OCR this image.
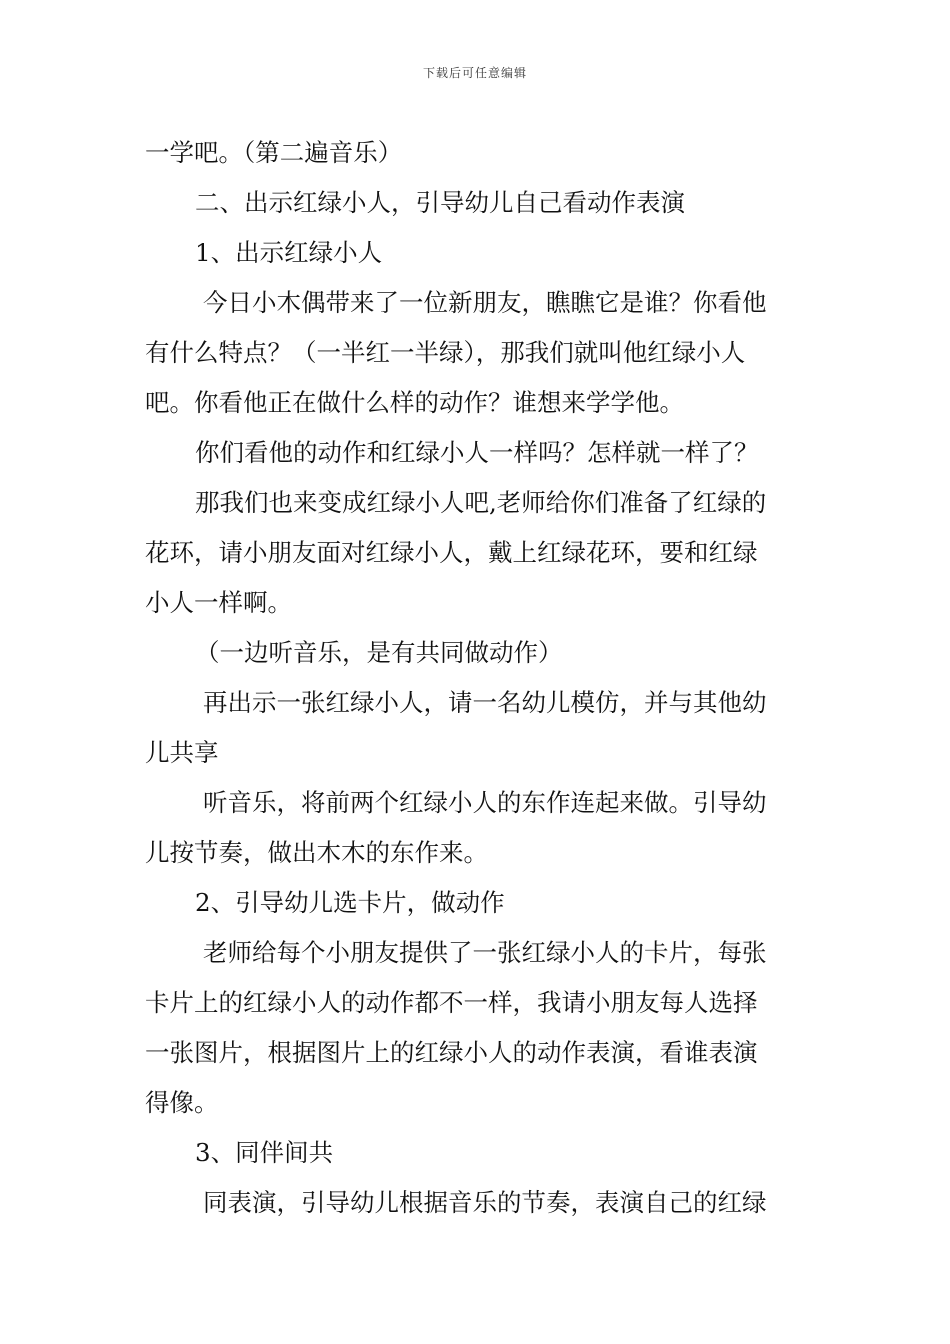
下载后可任意编辑
一学吧。（第二遍音乐）
二、出示红绿小人，引导幼儿自己看动作表演
1、出示红绿小人
今日小木偶带来了一位新朋友，瞧瞧它是谁？你看他
有什么特点？（一半红一半绿），那我们就叫他红绿小人
吧。你看他正在做什么样的动作？谁想来学学他。
你们看他的动作和红绿小人一样吗？怎样就一样了？
那我们也来变成红绿小人吧,老师给你们准备了红绿的
花环，请小朋友面对红绿小人，戴上红绿花环，要和红绿
小人一样啊。
（一边听音乐，是有共同做动作）
再出示一张红绿小人，请一名幼儿模仿，并与其他幼
儿共享
听音乐，将前两个红绿小人的东作连起来做。引导幼
儿按节奏，做出木木的东作来。
2、引导幼儿选卡片，做动作
老师给每个小朋友提供了一张红绿小人的卡片，每张
卡片上的红绿小人的动作都不一样，我请小朋友每人选择
一张图片，根据图片上的红绿小人的动作表演，看谁表演
得像。
3、同伴间共
同表演，引导幼儿根据音乐的节奏，表演自己的红绿
